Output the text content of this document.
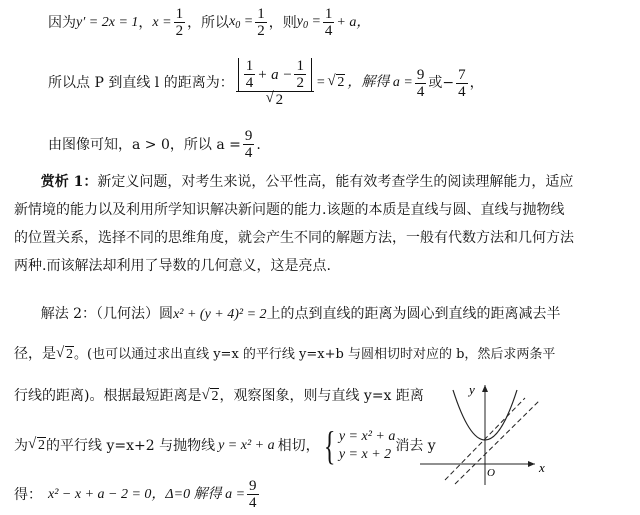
因为 y′ = 2x = 1 ， $x = \frac{1}{2}$ ，所以 $x_0 = \frac{1}{2}$ ，则 $y_0 = \frac{1}{4} + a$，
所以点 P 到直线 l 的距离为： $\frac{\frac{1}{4} + a - \frac{1}{2}}{√ 2}$ = √ 2 ，解得 $a = \frac{9}{4}$ 或− $\frac{7}{4}$ ，
由图像可知，a > 0，所以 $a = \frac{9}{4}$ .
赏析 1：新定义问题，对考生来说，公平性高，能有效考查学生的阅读理解能力，适应
新情境的能力以及利用所学知识解决新问题的能力.该题的本质是直线与圆、直线与抛物线
的位置关系，选择不同的思维角度，就会产生不同的解题方法，一般有代数方法和几何方法
两种.而该解法却利用了导数的几何意义，这是亮点.
解法 2：（几何法）圆x² + (y + 4)² = 2上的点到直线的距离为圆心到直线的距离减去半
径，是 √ 2。(也可以通过求出直线 y=x 的平行线 y=x+b 与圆相切时对应的 b，然后求两条平
行线的距离)。根据最短距离是 √ 2，观察图象，则与直线 y=x 距离
为 √ 2 的平行线 y=x+2 与抛物线 y = x² + a 相切， { y = x² + a
y = x + 2
消去 y
得： x² − x + a − 2 = 0，Δ=0 解得 $a = \frac{9}{4}$
y
x
O
